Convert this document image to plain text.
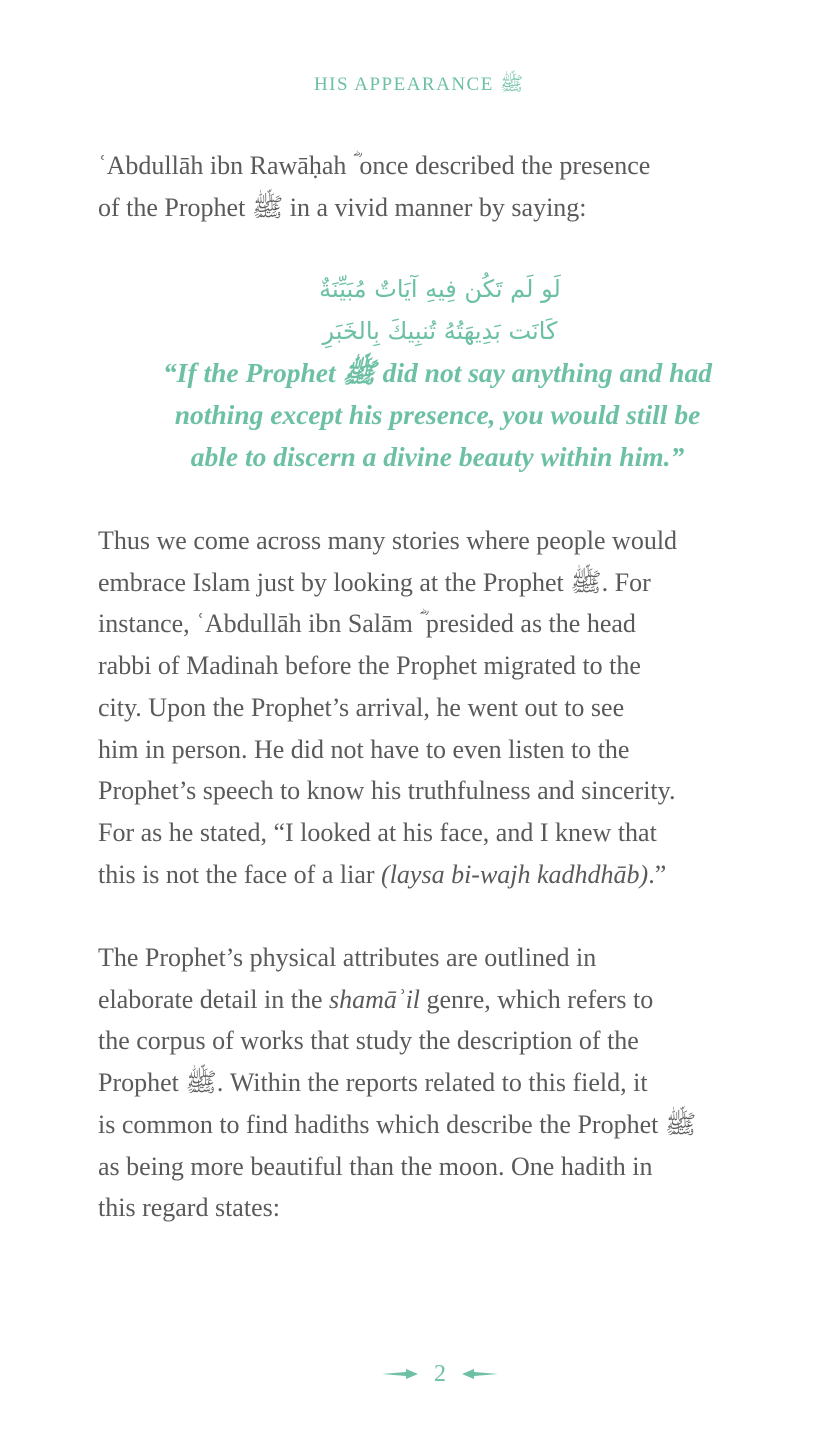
HIS APPEARANCE ﷺ
ʿAbdullāh ibn Rawāḥah ؓ once described the presence
of the Prophet ﷺ in a vivid manner by saying:
لَو لَم تَكُن فِيهِ آيَاتٌ مُبَيِّنَةٌ
كَانَت بَدِيهَتُهُ تُنبِيكَ بِالخَبَرِ
“If the Prophet ﷺ did not say anything and had
nothing except his presence, you would still be
able to discern a divine beauty within him.”
Thus we come across many stories where people would
embrace Islam just by looking at the Prophet ﷺ. For
instance, ʿAbdullāh ibn Salām ؓ presided as the head
rabbi of Madinah before the Prophet migrated to the
city. Upon the Prophet’s arrival, he went out to see
him in person. He did not have to even listen to the
Prophet’s speech to know his truthfulness and sincerity.
For as he stated, “I looked at his face, and I knew that
this is not the face of a liar (laysa bi-wajh kadhdhāb).”
The Prophet’s physical attributes are outlined in
elaborate detail in the shamāʾil genre, which refers to
the corpus of works that study the description of the
Prophet ﷺ. Within the reports related to this field, it
is common to find hadiths which describe the Prophet ﷺ
as being more beautiful than the moon. One hadith in
this regard states:
2
